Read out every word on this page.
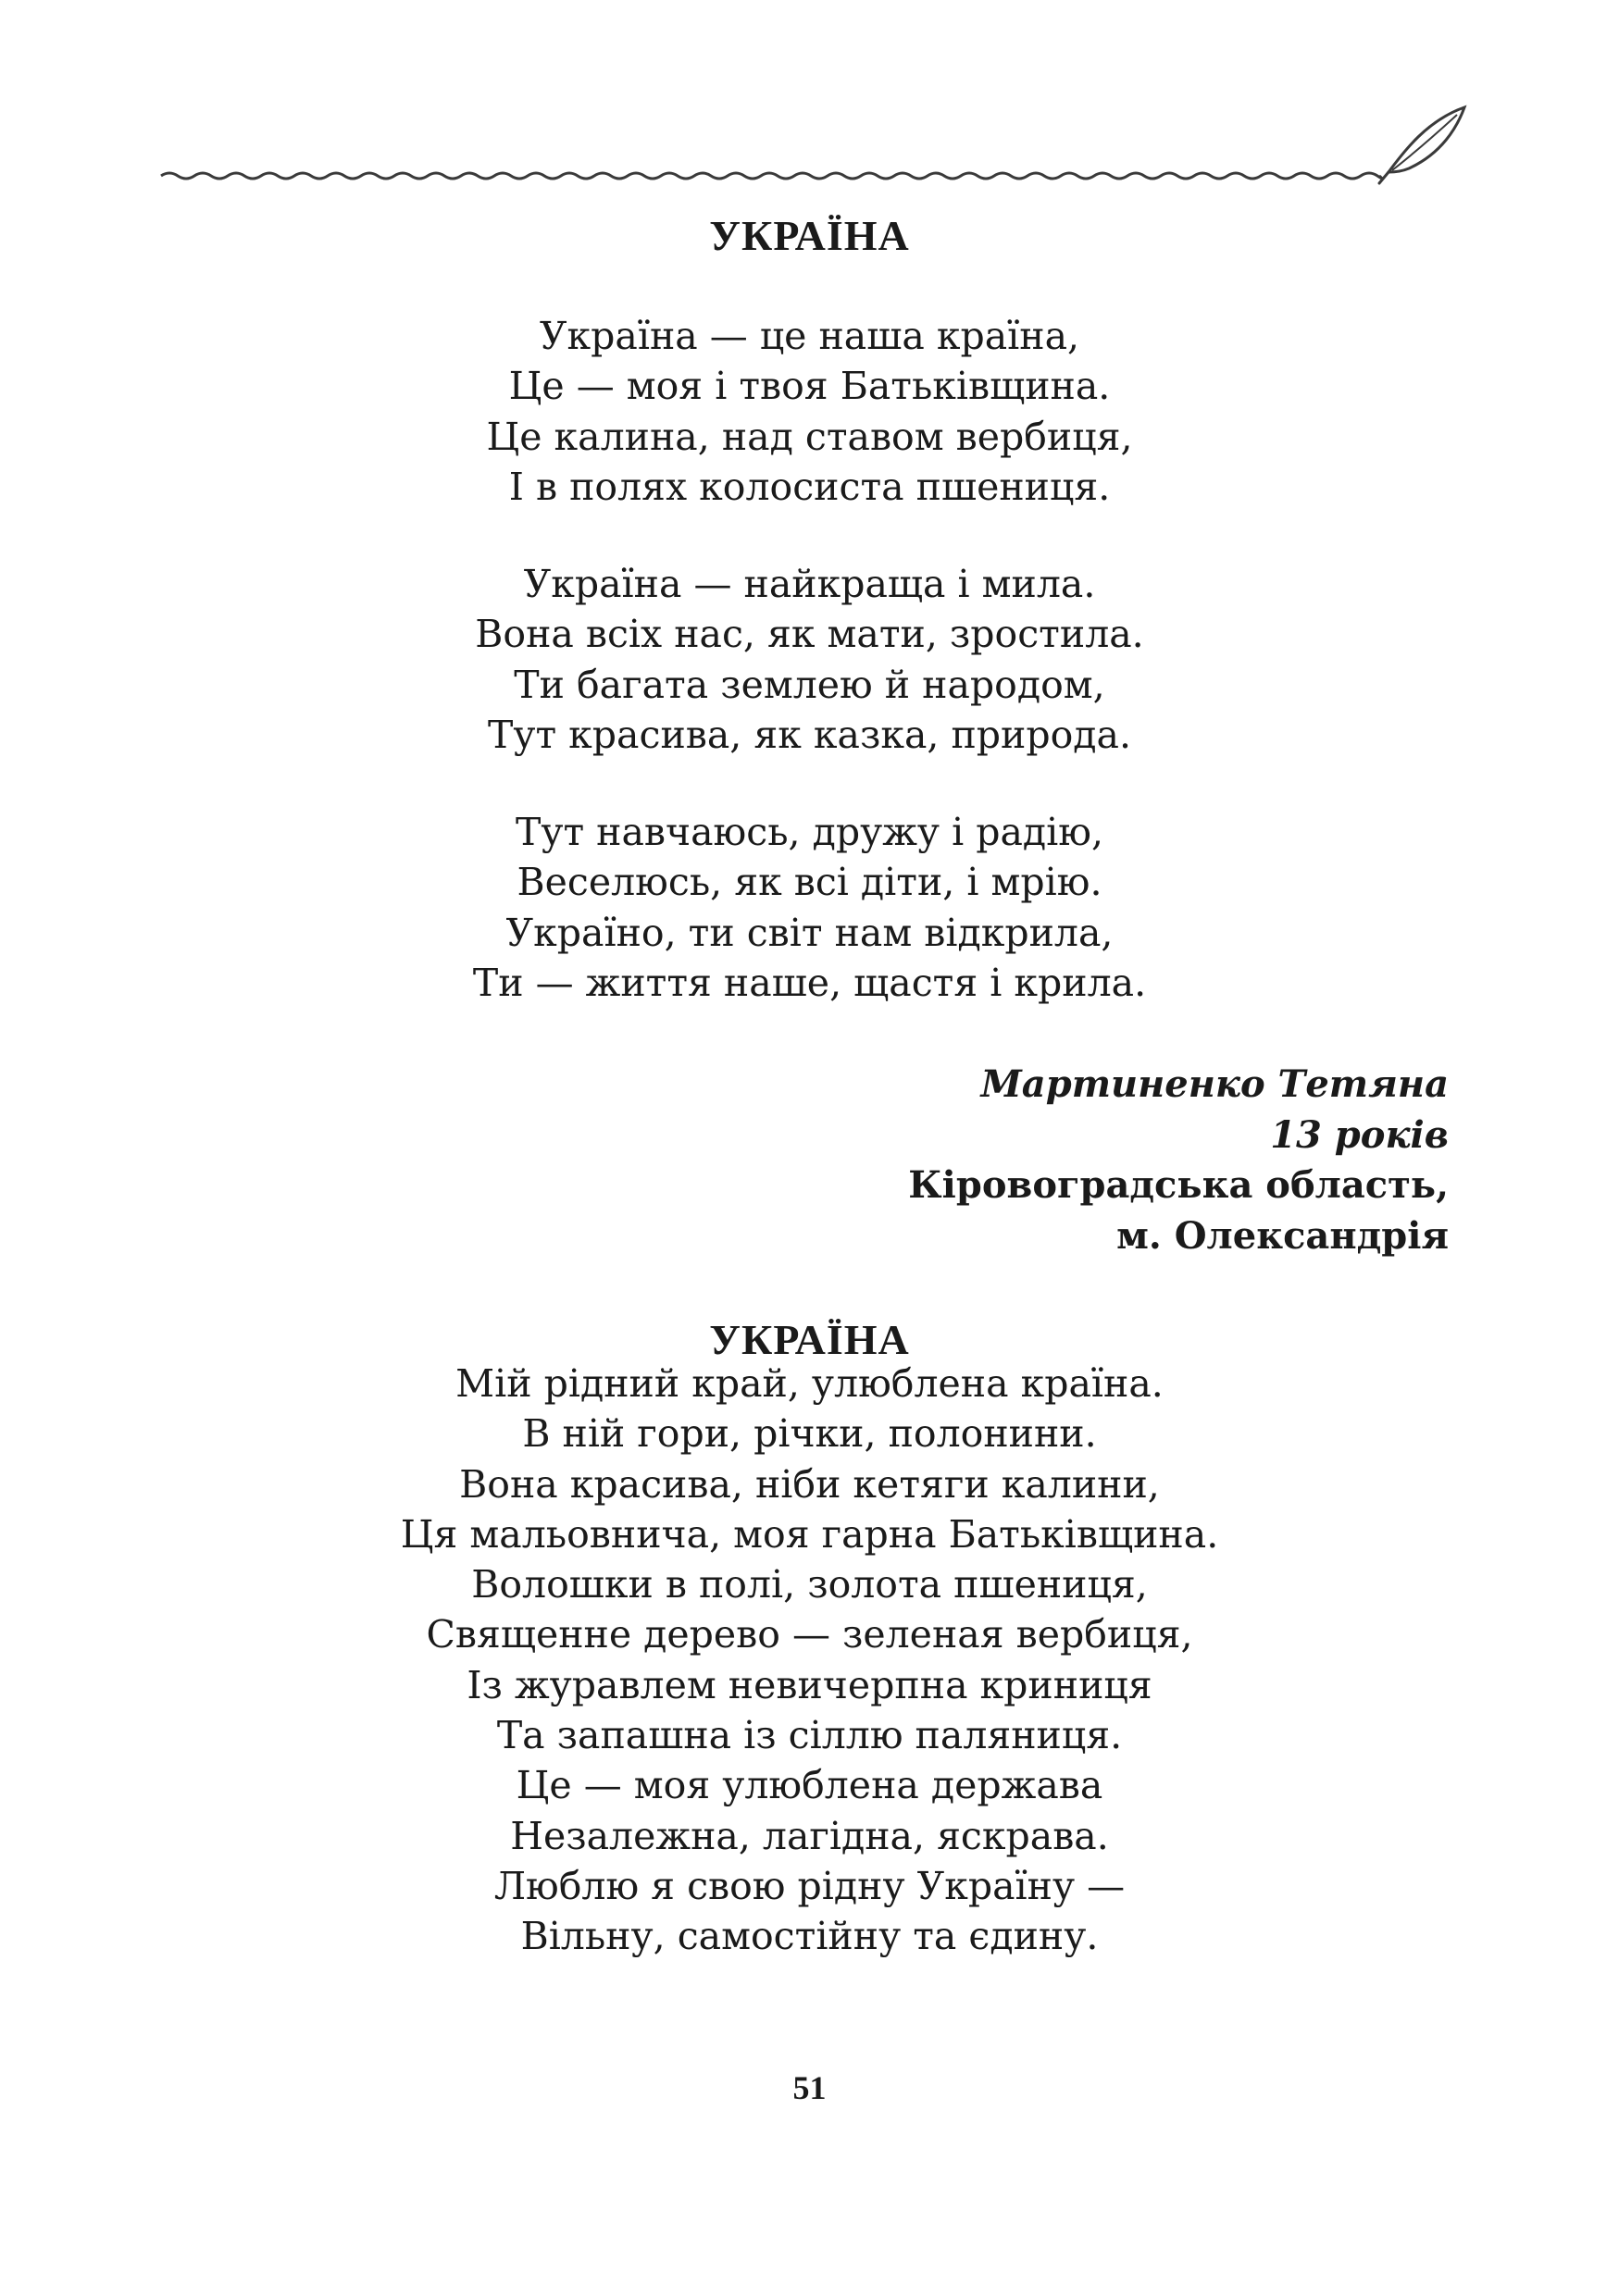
УКРАЇНА
Україна — це наша країна,
Це — моя і твоя Батьківщина.
Це калина, над ставом вербиця,
І в полях колосиста пшениця.
Україна — найкраща і мила.
Вона всіх нас, як мати, зростила.
Ти багата землею й народом,
Тут красива, як казка, природа.
Тут навчаюсь, дружу і радію,
Веселюсь, як всі діти, і мрію.
Україно, ти світ нам відкрила,
Ти — життя наше, щастя і крила.
Мартиненко Тетяна
13 років
Кіровоградська область,
м. Олександрія
УКРАЇНА
Мій рідний край, улюблена країна.
В ній гори, річки, полонини.
Вона красива, ніби кетяги калини,
Ця мальовнича, моя гарна Батьківщина.
Волошки в полі, золота пшениця,
Священне дерево — зеленая вербиця,
Із журавлем невичерпна криниця
Та запашна із сіллю паляниця.
Це — моя улюблена держава
Незалежна, лагідна, яскрава.
Люблю я свою рідну Україну —
Вільну, самостійну та єдину.
51
